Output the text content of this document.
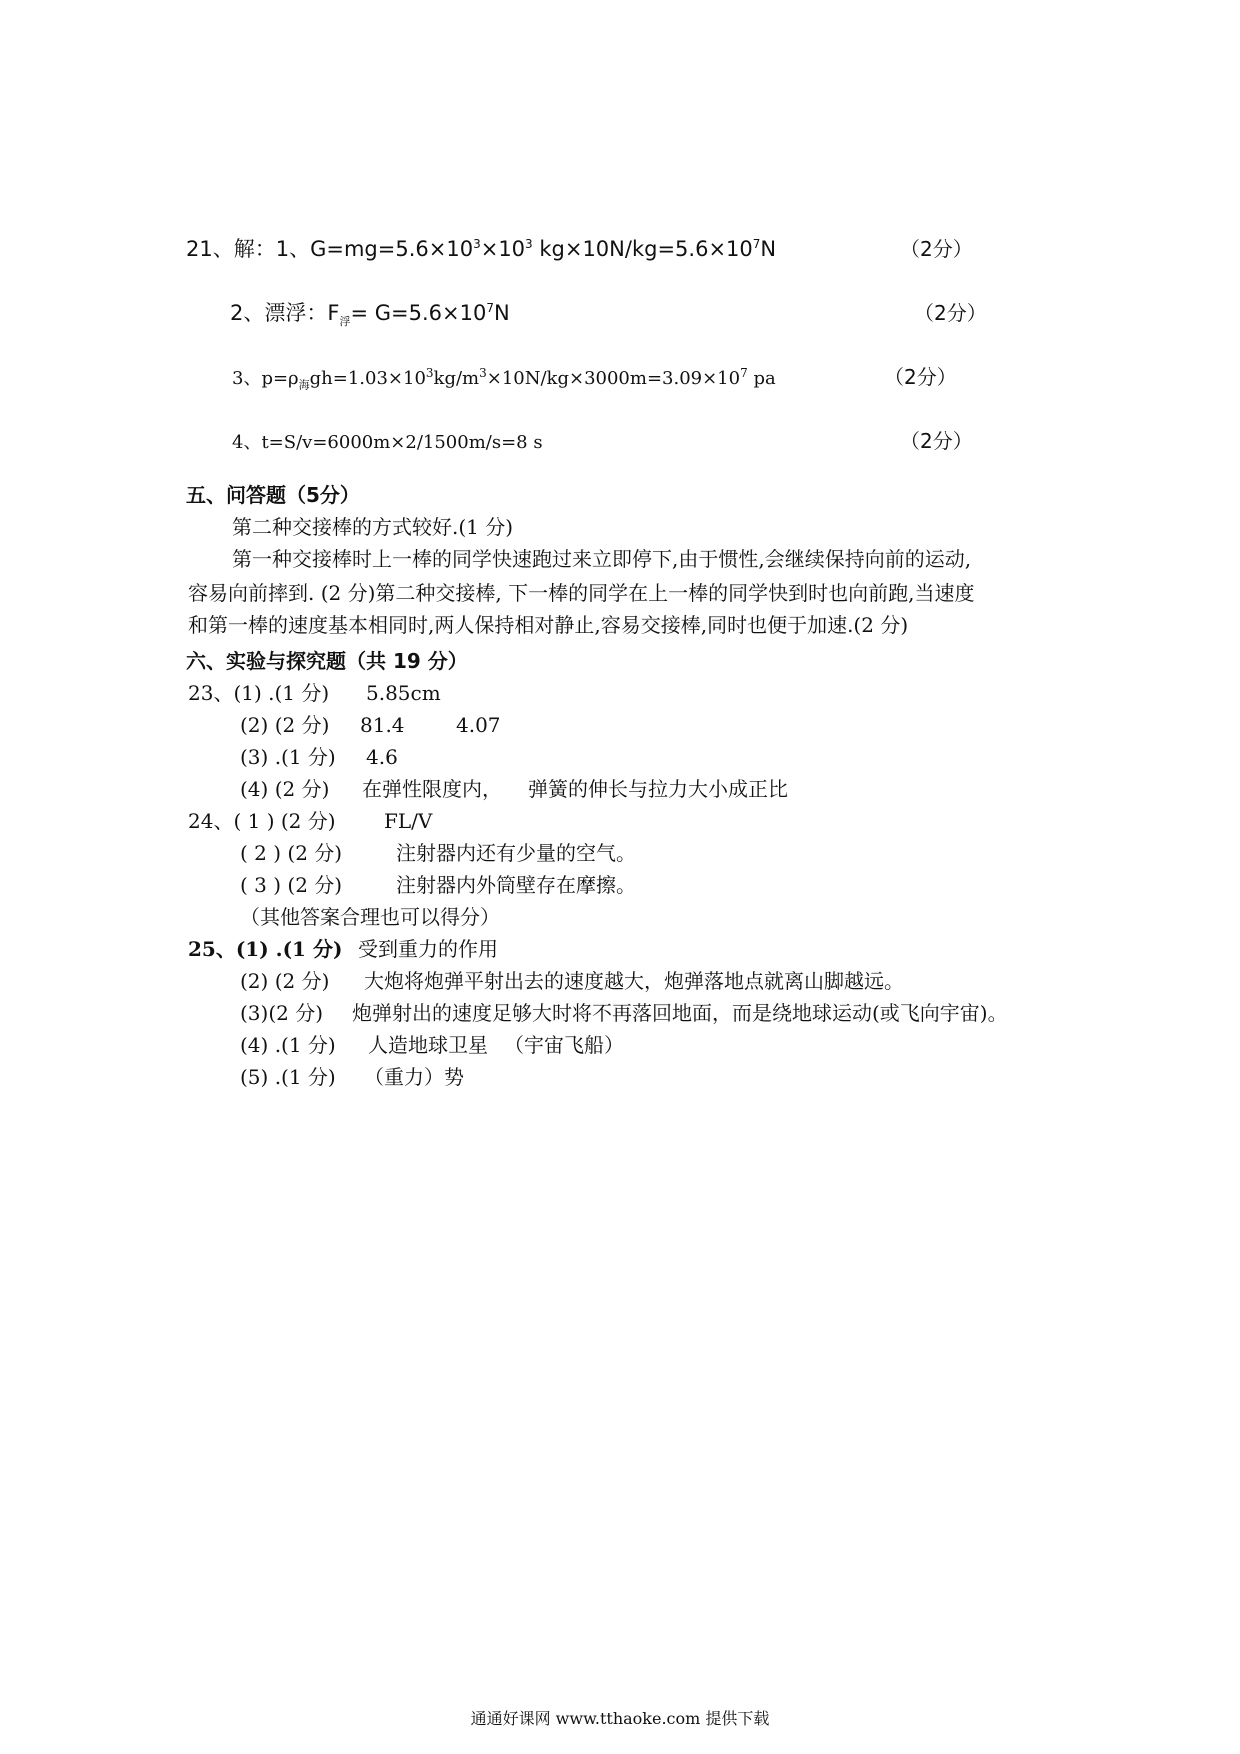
21、解：1、$G=mg=5.6\times 10^3\times 10^3$ $kg\times 10N/kg=5.6\times 10^7N$	（2分）
2、漂浮：$F_浮= G=5.6\times 10^7N$	（2分）
3、$p=\rho_海gh=1.03\times 10^3kg/m^3\times 10N/kg\times 3000m=3.09\times 10^7$ pa	（2分）
4、t=S/v=6000m×2/1500m/s=8 s	（2分）
五、问答题（5分）
第二种交接棒的方式较好.(1 分)
第一种交接棒时上一棒的同学快速跑过来立即停下,由于惯性,会继续保持向前的运动,
容易向前摔到. (2 分)第二种交接棒, 下一棒的同学在上一棒的同学快到时也向前跑,当速度
和第一棒的速度基本相同时,两人保持相对静止,容易交接棒,同时也便于加速.(2 分)
六、实验与探究题（共 19 分）
23、(1) .(1 分) 5.85cm
(2) (2 分) 81.4	4.07
(3) .(1 分) 4.6
(4) (2 分) 在弹性限度内， 弹簧的伸长与拉力大小成正比
24、( 1 ) (2 分) FL/V
( 2 ) (2 分)	注射器内还有少量的空气。
( 3 ) (2 分)	注射器内外筒壁存在摩擦。
（其他答案合理也可以得分）
25、(1) .(1 分) 受到重力的作用
(2) (2 分) 大炮将炮弹平射出去的速度越大，炮弹落地点就离山脚越远。
(3)(2 分) 炮弹射出的速度足够大时将不再落回地面，而是绕地球运动(或飞向宇宙)。
(4) .(1 分) 人造地球卫星 （宇宙飞船）
(5) .(1 分) （重力）势
通通好课网 www.tthaoke.com 提供下载
